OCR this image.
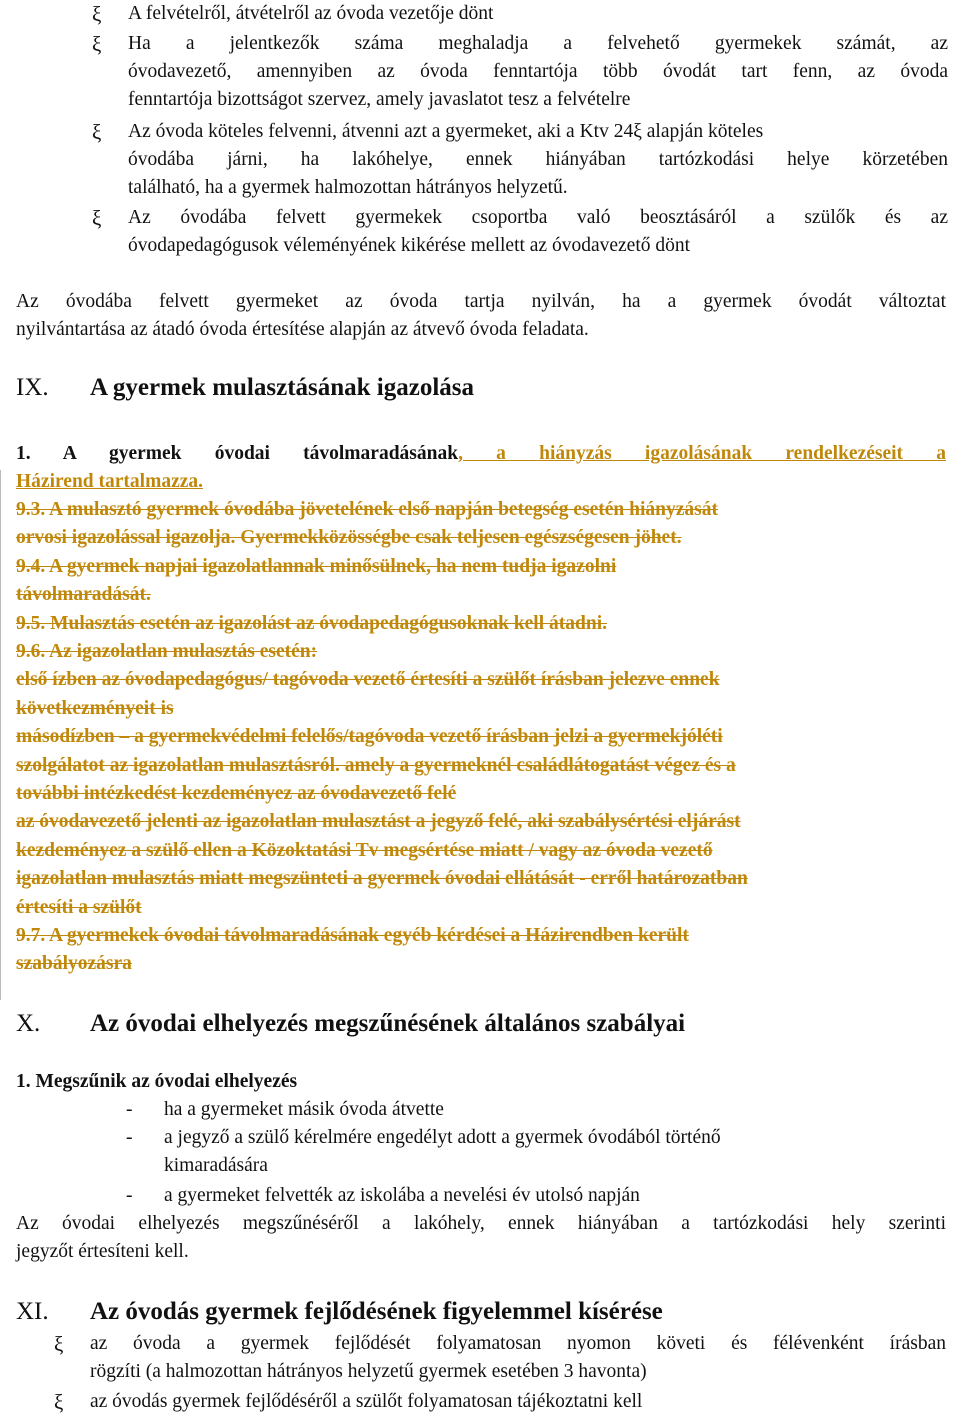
ξ	A felvételről, átvételről az óvoda vezetője dönt
ξ	Ha a jelentkezők száma meghaladja a felvehető gyermekek számát, az
óvodavezető, amennyiben az óvoda fenntartója több óvodát tart fenn, az óvoda
fenntartója bizottságot szervez, amely javaslatot tesz a felvételre
ξ	Az óvoda köteles felvenni, átvenni azt a gyermeket, aki a Ktv 24ξ alapján köteles
óvodába járni, ha lakóhelye, ennek hiányában tartózkodási helye körzetében
található, ha a gyermek halmozottan hátrányos helyzetű.
ξ	Az óvodába felvett gyermekek csoportba való beosztásáról a szülők és az
óvodapedagógusok véleményének kikérése mellett az óvodavezető dönt
Az óvodába felvett gyermeket az óvoda tartja nyilván, ha a gyermek óvodát változtat
nyilvántartása az átadó óvoda értesítése alapján az átvevő óvoda feladata.
IX. A gyermek mulasztásának igazolása
1. A gyermek óvodai távolmaradásának, a hiányzás igazolásának rendelkezéseit a
Házirend tartalmazza.
9.3. A mulasztó gyermek óvodába jövetelének első napján betegség esetén hiányzását
orvosi igazolással igazolja. Gyermekközösségbe csak teljesen egészségesen jöhet.
9.4. A gyermek napjai igazolatlannak minősülnek, ha nem tudja igazolni
távolmaradását.
9.5. Mulasztás esetén az igazolást az óvodapedagógusoknak kell átadni.
9.6. Az igazolatlan mulasztás esetén:
első ízben az óvodapedagógus/ tagóvoda vezető értesíti a szülőt írásban jelezve ennek
következményeit is
másodízben – a gyermekvédelmi felelős/tagóvoda vezető írásban jelzi a gyermekjóléti
szolgálatot az igazolatlan mulasztásról. amely a gyermeknél családlátogatást végez és a
további intézkedést kezdeményez az óvodavezető felé
az óvodavezető jelenti az igazolatlan mulasztást a jegyző felé, aki szabálysértési eljárást
kezdeményez a szülő ellen a Közoktatási Tv megsértése miatt / vagy az óvoda vezető
igazolatlan mulasztás miatt megszünteti a gyermek óvodai ellátását - erről határozatban
értesíti a szülőt
9.7. A gyermekek óvodai távolmaradásának egyéb kérdései a Házirendben került
szabályozásra
X. Az óvodai elhelyezés megszűnésének általános szabályai
1. Megszűnik az óvodai elhelyezés
- ha a gyermeket másik óvoda átvette
- a jegyző a szülő kérelmére engedélyt adott a gyermek óvodából történő
kimaradására
- a gyermeket felvették az iskolába a nevelési év utolsó napján
Az óvodai elhelyezés megszűnéséről a lakóhely, ennek hiányában a tartózkodási hely szerinti
jegyzőt értesíteni kell.
XI. Az óvodás gyermek fejlődésének figyelemmel kísérése
ξ	az óvoda a gyermek fejlődését folyamatosan nyomon követi és félévenként írásban
rögzíti (a halmozottan hátrányos helyzetű gyermek esetében 3 havonta)
ξ	az óvodás gyermek fejlődéséről a szülőt folyamatosan tájékoztatni kell
